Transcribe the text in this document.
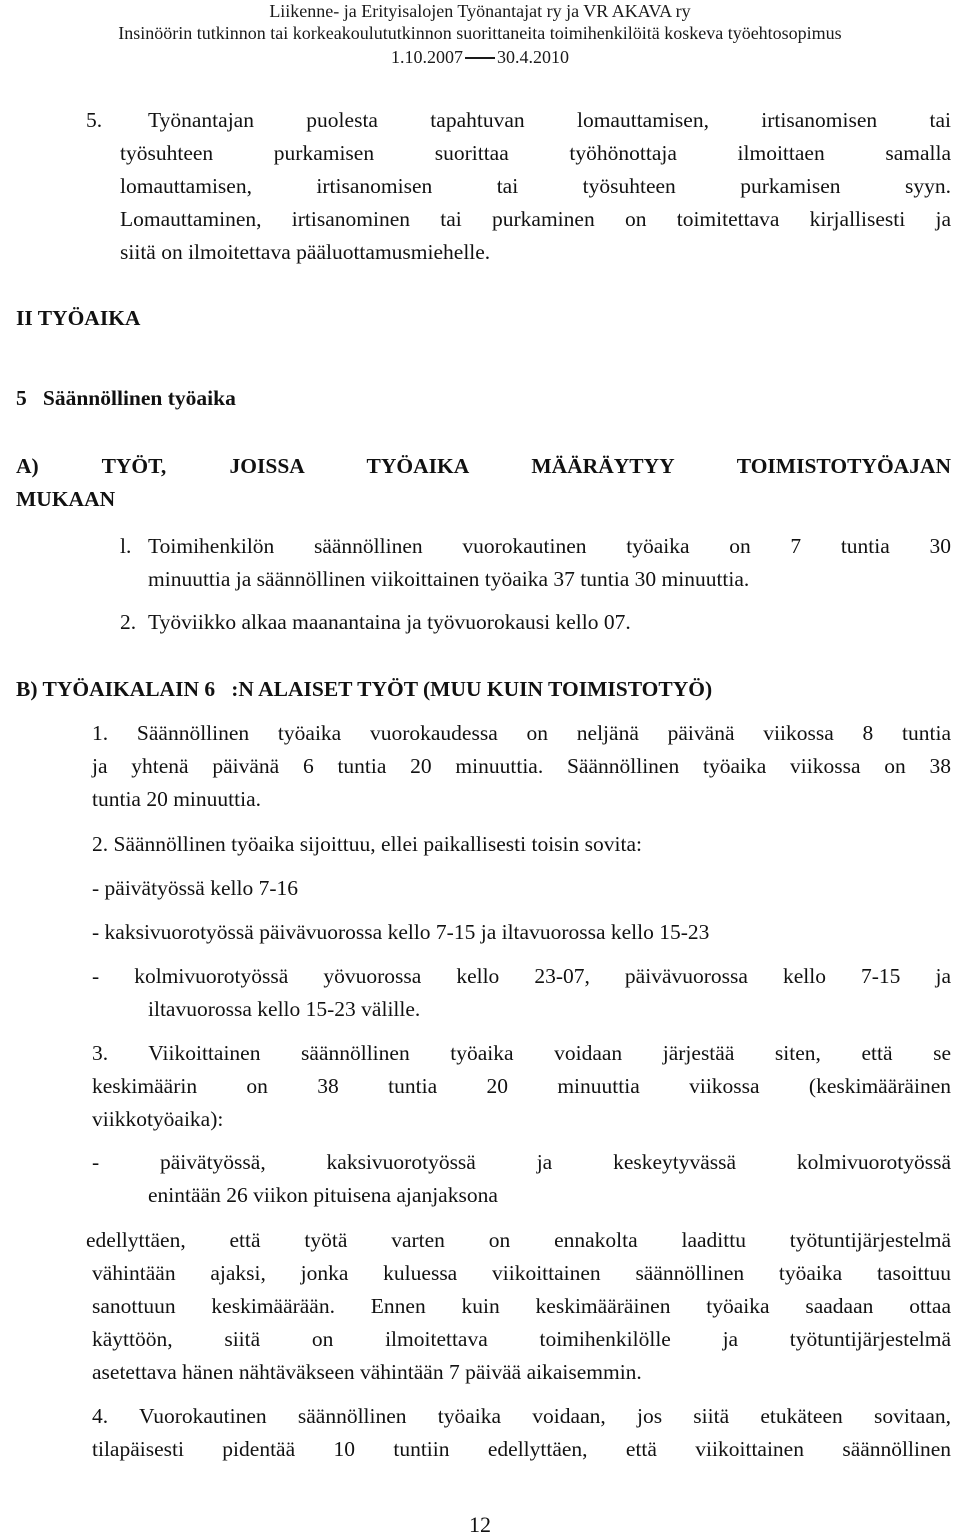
Liikenne- ja Erityisalojen Työnantajat ry ja VR AKAVA ry
Insinöörin tutkinnon tai korkeakoulututkinnon suorittaneita toimihenkilöitä koskeva työehtosopimus
1.10.2007 30.4.2010
5. Työnantajan puolesta tapahtuvan lomauttamisen, irtisanomisen tai
työsuhteen purkamisen suorittaa työhönottaja ilmoittaen samalla
lomauttamisen, irtisanomisen tai työsuhteen purkamisen syyn.
Lomauttaminen, irtisanominen tai purkaminen on toimitettava kirjallisesti ja
siitä on ilmoitettava pääluottamusmiehelle.
II TYÖAIKA
5   Säännöllinen työaika
A) TYÖT, JOISSA TYÖAIKA MÄÄRÄYTYY TOIMISTOTYÖAJAN
MUKAAN
l. Toimihenkilön säännöllinen vuorokautinen työaika on 7 tuntia 30
minuuttia ja säännöllinen viikoittainen työaika 37 tuntia 30 minuuttia.
2. Työviikko alkaa maanantaina ja työvuorokausi kello 07.
B) TYÖAIKALAIN 6   :N ALAISET TYÖT (MUU KUIN TOIMISTOTYÖ)
1. Säännöllinen työaika vuorokaudessa on neljänä päivänä viikossa 8 tuntia
ja yhtenä päivänä 6 tuntia 20 minuuttia. Säännöllinen työaika viikossa on 38
tuntia 20 minuuttia.
2. Säännöllinen työaika sijoittuu, ellei paikallisesti toisin sovita:
- päivätyössä kello 7-16
- kaksivuorotyössä päivävuorossa kello 7-15 ja iltavuorossa kello 15-23
- kolmivuorotyössä yövuorossa kello 23-07, päivävuorossa kello 7-15 ja
iltavuorossa kello 15-23 välille.
3. Viikoittainen säännöllinen työaika voidaan järjestää siten, että se
keskimäärin on 38 tuntia 20 minuuttia viikossa (keskimääräinen
viikkotyöaika):
- päivätyössä, kaksivuorotyössä ja keskeytyvässä kolmivuorotyössä
enintään 26 viikon pituisena ajanjaksona
edellyttäen, että työtä varten on ennakolta laadittu työtuntijärjestelmä
vähintään ajaksi, jonka kuluessa viikoittainen säännöllinen työaika tasoittuu
sanottuun keskimäärään. Ennen kuin keskimääräinen työaika saadaan ottaa
käyttöön, siitä on ilmoitettava toimihenkilölle ja työtuntijärjestelmä
asetettava hänen nähtäväkseen vähintään 7 päivää aikaisemmin.
4. Vuorokautinen säännöllinen työaika voidaan, jos siitä etukäteen sovitaan,
tilapäisesti pidentää 10 tuntiin edellyttäen, että viikoittainen säännöllinen
12
